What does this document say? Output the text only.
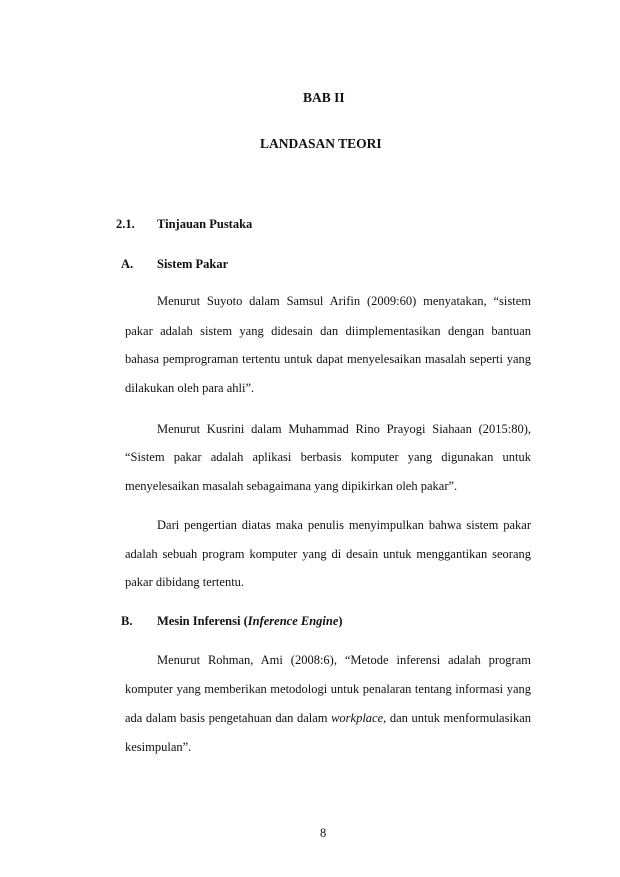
BAB II
LANDASAN TEORI
2.1. Tinjauan Pustaka
A. Sistem Pakar
Menurut Suyoto dalam Samsul Arifin (2009:60) menyatakan, “sistem
pakar adalah sistem yang didesain dan diimplementasikan dengan bantuan
bahasa pemprograman tertentu untuk dapat menyelesaikan masalah seperti yang
dilakukan oleh para ahli”.
Menurut Kusrini dalam Muhammad Rino Prayogi Siahaan (2015:80),
“Sistem pakar adalah aplikasi berbasis komputer yang digunakan untuk
menyelesaikan masalah sebagaimana yang dipikirkan oleh pakar”.
Dari pengertian diatas maka penulis menyimpulkan bahwa sistem pakar
adalah sebuah program komputer yang di desain untuk menggantikan seorang
pakar dibidang tertentu.
B. Mesin Inferensi (Inference Engine)
Menurut Rohman, Ami (2008:6), “Metode inferensi adalah program
komputer yang memberikan metodologi untuk penalaran tentang informasi yang
ada dalam basis pengetahuan dan dalam workplace, dan untuk menformulasikan
kesimpulan”.
8
